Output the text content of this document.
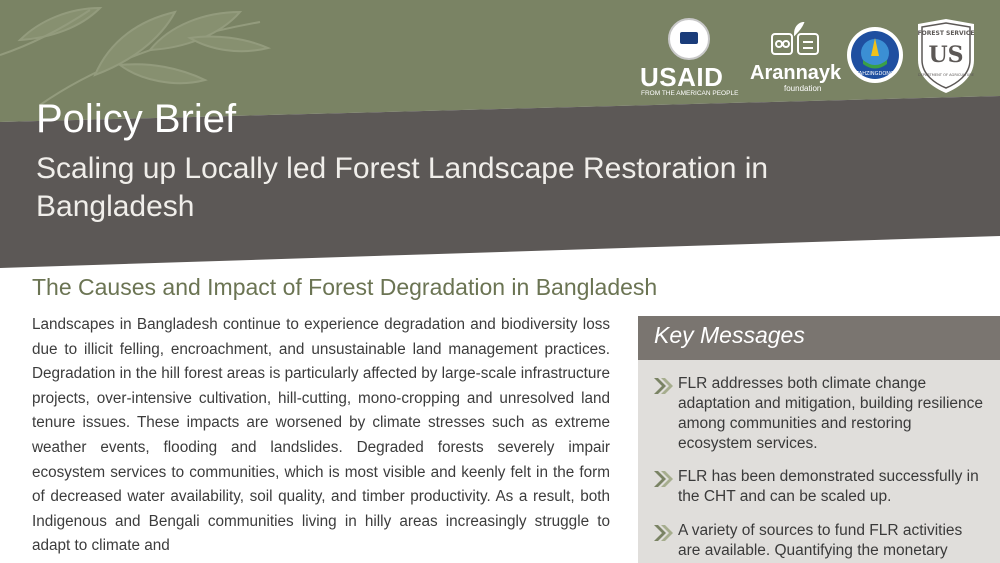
USAID
FROM THE AMERICAN PEOPLE
Arannayk
foundation
TAHZINGDONG
FOREST SERVICE
US
DEPARTMENT OF AGRICULTURE
Policy Brief
Scaling up Locally led Forest Landscape Restoration in Bangladesh
The Causes and Impact of Forest Degradation in Bangladesh
Landscapes in Bangladesh continue to experience degradation and biodiversity loss due to illicit felling, encroachment, and unsustainable land management practices. Degradation in the hill forest areas is particularly affected by large-scale infrastructure projects, over-intensive cultivation, hill-cutting, mono-cropping and unresolved land tenure issues. These impacts are worsened by climate stresses such as extreme weather events, flooding and landslides. Degraded forests severely impair ecosystem services to communities, which is most visible and keenly felt in the form of decreased water availability, soil quality, and timber productivity. As a result, both Indigenous and Bengali communities living in hilly areas increasingly struggle to adapt to climate and
Key Messages
FLR addresses both climate change adaptation and mitigation, building resilience among communities and restoring ecosystem services.
FLR has been demonstrated successfully in the CHT and can be scaled up.
A variety of sources to fund FLR activities are available. Quantifying the monetary
